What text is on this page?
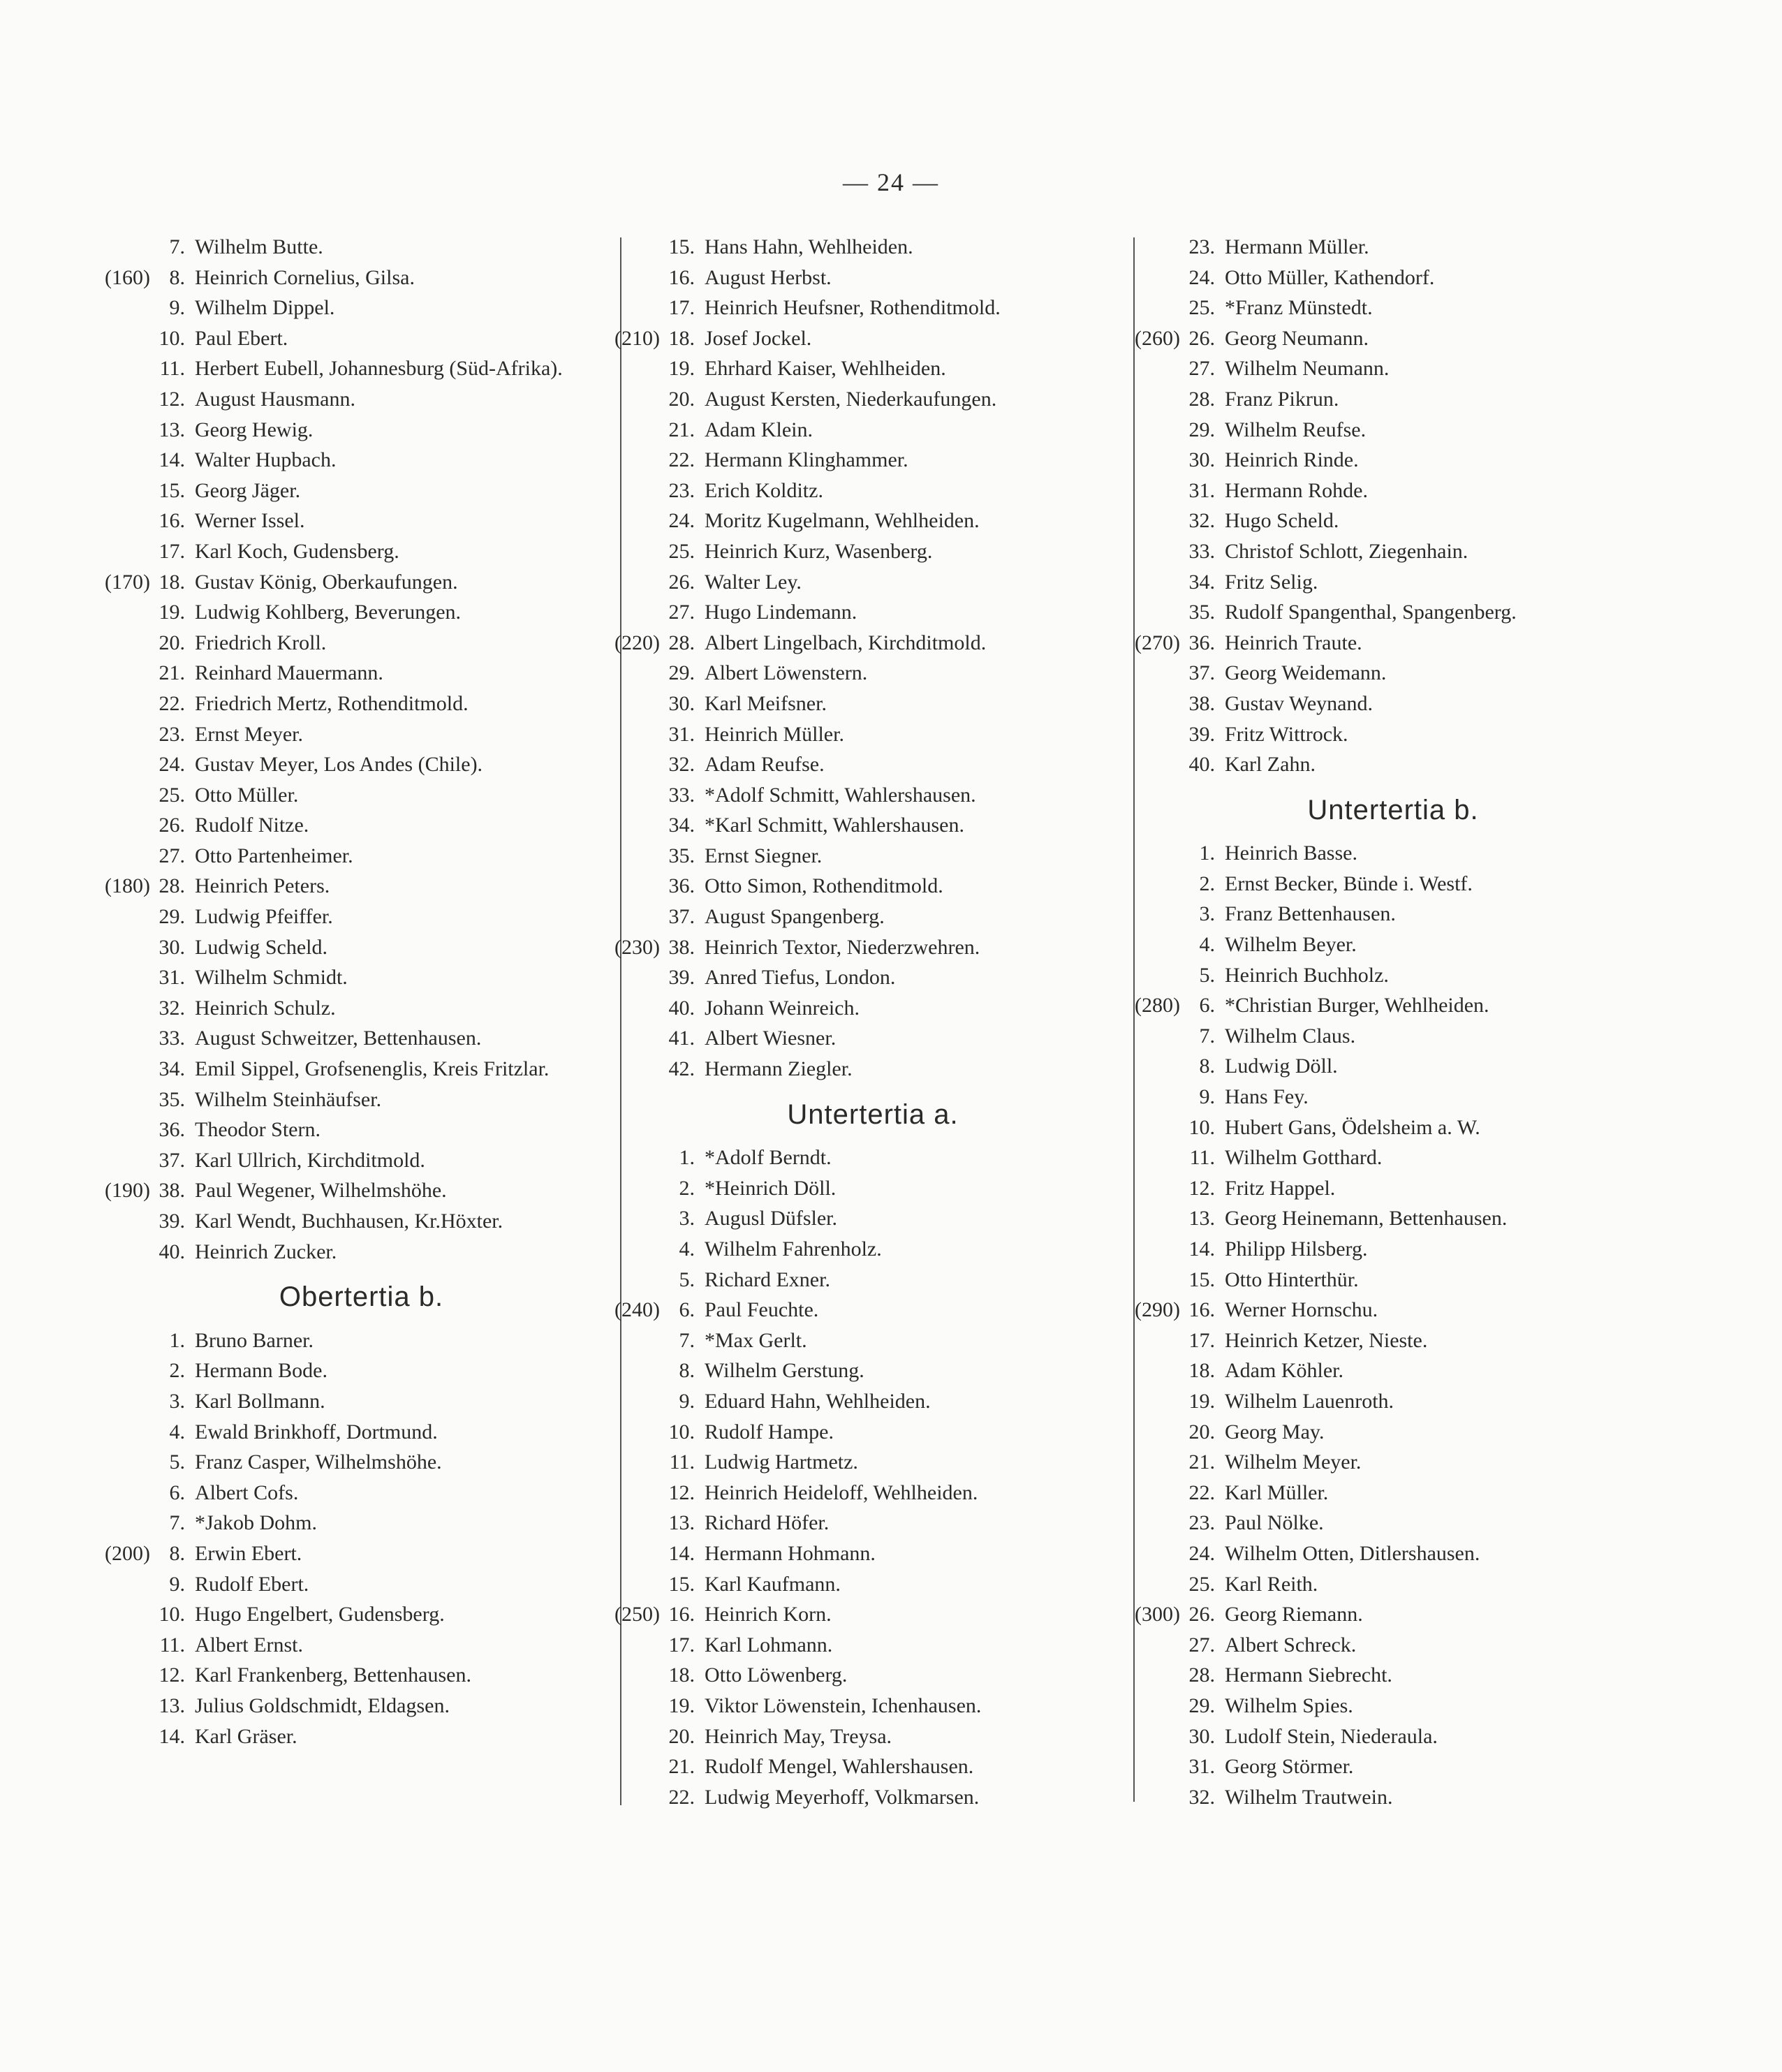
— 24 —
7. Wilhelm Butte.
(160) 8. Heinrich Cornelius, Gilsa.
9. Wilhelm Dippel.
10. Paul Ebert.
11. Herbert Eubell, Johannesburg (Süd-Afrika).
12. August Hausmann.
13. Georg Hewig.
14. Walter Hupbach.
15. Georg Jäger.
16. Werner Issel.
17. Karl Koch, Gudensberg.
(170) 18. Gustav König, Oberkaufungen.
19. Ludwig Kohlberg, Beverungen.
20. Friedrich Kroll.
21. Reinhard Mauermann.
22. Friedrich Mertz, Rothenditmold.
23. Ernst Meyer.
24. Gustav Meyer, Los Andes (Chile).
25. Otto Müller.
26. Rudolf Nitze.
27. Otto Partenheimer.
(180) 28. Heinrich Peters.
29. Ludwig Pfeiffer.
30. Ludwig Scheld.
31. Wilhelm Schmidt.
32. Heinrich Schulz.
33. August Schweitzer, Bettenhausen.
34. Emil Sippel, Grofsenenglis, Kreis Fritzlar.
35. Wilhelm Steinhäufser.
36. Theodor Stern.
37. Karl Ullrich, Kirchditmold.
(190) 38. Paul Wegener, Wilhelmshöhe.
39. Karl Wendt, Buchhausen, Kr.Höxter.
40. Heinrich Zucker.
Obertertia b.
1. Bruno Barner.
2. Hermann Bode.
3. Karl Bollmann.
4. Ewald Brinkhoff, Dortmund.
5. Franz Casper, Wilhelmshöhe.
6. Albert Cofs.
7. *Jakob Dohm.
(200) 8. Erwin Ebert.
9. Rudolf Ebert.
10. Hugo Engelbert, Gudensberg.
11. Albert Ernst.
12. Karl Frankenberg, Bettenhausen.
13. Julius Goldschmidt, Eldagsen.
14. Karl Gräser.
15. Hans Hahn, Wehlheiden.
16. August Herbst.
17. Heinrich Heufsner, Rothenditmold.
(210) 18. Josef Jockel.
19. Ehrhard Kaiser, Wehlheiden.
20. August Kersten, Niederkaufungen.
21. Adam Klein.
22. Hermann Klinghammer.
23. Erich Kolditz.
24. Moritz Kugelmann, Wehlheiden.
25. Heinrich Kurz, Wasenberg.
26. Walter Ley.
27. Hugo Lindemann.
(220) 28. Albert Lingelbach, Kirchditmold.
29. Albert Löwenstern.
30. Karl Meifsner.
31. Heinrich Müller.
32. Adam Reufse.
33. *Adolf Schmitt, Wahlershausen.
34. *Karl Schmitt, Wahlershausen.
35. Ernst Siegner.
36. Otto Simon, Rothenditmold.
37. August Spangenberg.
(230) 38. Heinrich Textor, Niederzwehren.
39. Anred Tiefus, London.
40. Johann Weinreich.
41. Albert Wiesner.
42. Hermann Ziegler.
Untertertia a.
1. *Adolf Berndt.
2. *Heinrich Döll.
3. Augusl Düfsler.
4. Wilhelm Fahrenholz.
5. Richard Exner.
(240) 6. Paul Feuchte.
7. *Max Gerlt.
8. Wilhelm Gerstung.
9. Eduard Hahn, Wehlheiden.
10. Rudolf Hampe.
11. Ludwig Hartmetz.
12. Heinrich Heideloff, Wehlheiden.
13. Richard Höfer.
14. Hermann Hohmann.
15. Karl Kaufmann.
(250) 16. Heinrich Korn.
17. Karl Lohmann.
18. Otto Löwenberg.
19. Viktor Löwenstein, Ichenhausen.
20. Heinrich May, Treysa.
21. Rudolf Mengel, Wahlershausen.
22. Ludwig Meyerhoff, Volkmarsen.
23. Hermann Müller.
24. Otto Müller, Kathendorf.
25. *Franz Münstedt.
(260) 26. Georg Neumann.
27. Wilhelm Neumann.
28. Franz Pikrun.
29. Wilhelm Reufse.
30. Heinrich Rinde.
31. Hermann Rohde.
32. Hugo Scheld.
33. Christof Schlott, Ziegenhain.
34. Fritz Selig.
35. Rudolf Spangenthal, Spangenberg.
(270) 36. Heinrich Traute.
37. Georg Weidemann.
38. Gustav Weynand.
39. Fritz Wittrock.
40. Karl Zahn.
Untertertia b.
1. Heinrich Basse.
2. Ernst Becker, Bünde i. Westf.
3. Franz Bettenhausen.
4. Wilhelm Beyer.
5. Heinrich Buchholz.
(280) 6. *Christian Burger, Wehlheiden.
7. Wilhelm Claus.
8. Ludwig Döll.
9. Hans Fey.
10. Hubert Gans, Ödelsheim a. W.
11. Wilhelm Gotthard.
12. Fritz Happel.
13. Georg Heinemann, Bettenhausen.
14. Philipp Hilsberg.
15. Otto Hinterthür.
(290) 16. Werner Hornschu.
17. Heinrich Ketzer, Nieste.
18. Adam Köhler.
19. Wilhelm Lauenroth.
20. Georg May.
21. Wilhelm Meyer.
22. Karl Müller.
23. Paul Nölke.
24. Wilhelm Otten, Ditlershausen.
25. Karl Reith.
(300) 26. Georg Riemann.
27. Albert Schreck.
28. Hermann Siebrecht.
29. Wilhelm Spies.
30. Ludolf Stein, Niederaula.
31. Georg Störmer.
32. Wilhelm Trautwein.
